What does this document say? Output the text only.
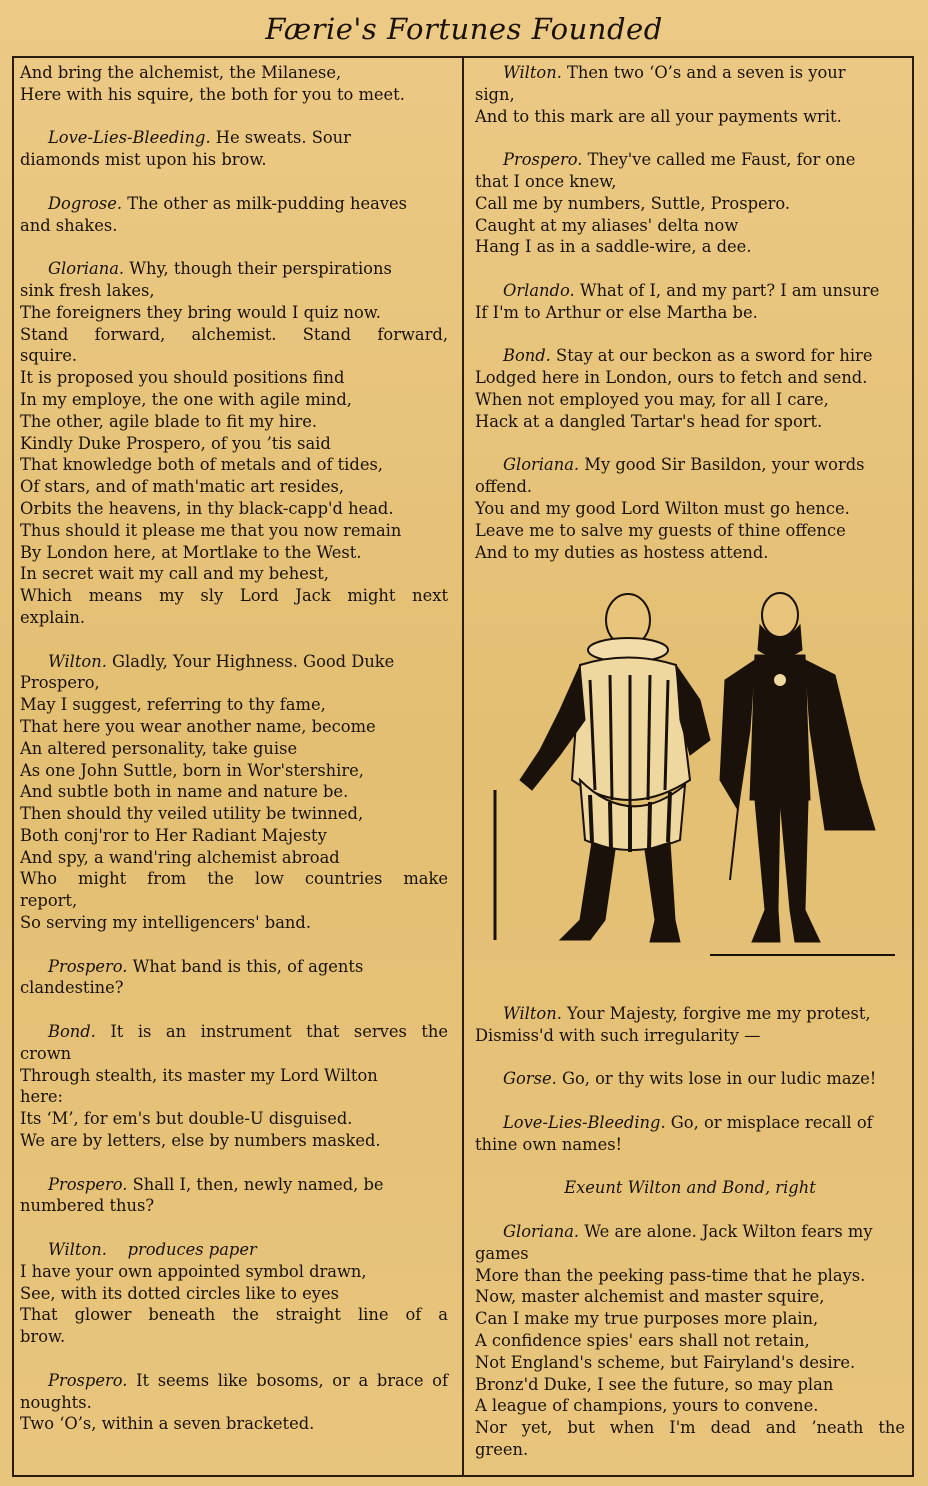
Færie's Fortunes Founded
And bring the alchemist, the Milanese,
Here with his squire, the both for you to meet.
Love-Lies-Bleeding. He sweats. Sour
diamonds mist upon his brow.
Dogrose. The other as milk-pudding heaves
and shakes.
Gloriana. Why, though their perspirations
sink fresh lakes,
The foreigners they bring would I quiz now.
Stand forward, alchemist. Stand forward,
squire.
It is proposed you should positions find
In my employe, the one with agile mind,
The other, agile blade to fit my hire.
Kindly Duke Prospero, of you ’tis said
That knowledge both of metals and of tides,
Of stars, and of math'matic art resides,
Orbits the heavens, in thy black-capp'd head.
Thus should it please me that you now remain
By London here, at Mortlake to the West.
In secret wait my call and my behest,
Which means my sly Lord Jack might next
explain.
Wilton. Gladly, Your Highness. Good Duke
Prospero,
May I suggest, referring to thy fame,
That here you wear another name, become
An altered personality, take guise
As one John Suttle, born in Wor'stershire,
And subtle both in name and nature be.
Then should thy veiled utility be twinned,
Both conj'ror to Her Radiant Majesty
And spy, a wand'ring alchemist abroad
Who might from the low countries make
report,
So serving my intelligencers' band.
Prospero. What band is this, of agents
clandestine?
Bond. It is an instrument that serves the
crown
Through stealth, its master my Lord Wilton
here:
Its ‘M’, for em's but double-U disguised.
We are by letters, else by numbers masked.
Prospero. Shall I, then, newly named, be
numbered thus?
Wilton.    produces paper
I have your own appointed symbol drawn,
See, with its dotted circles like to eyes
That glower beneath the straight line of a
brow.
Prospero. It seems like bosoms, or a brace of
noughts.
Two ‘O’s, within a seven bracketed.
Wilton. Then two ‘O’s and a seven is your
sign,
And to this mark are all your payments writ.
Prospero. They've called me Faust, for one
that I once knew,
Call me by numbers, Suttle, Prospero.
Caught at my aliases' delta now
Hang I as in a saddle-wire, a dee.
Orlando. What of I, and my part? I am unsure
If I'm to Arthur or else Martha be.
Bond. Stay at our beckon as a sword for hire
Lodged here in London, ours to fetch and send.
When not employed you may, for all I care,
Hack at a dangled Tartar's head for sport.
Gloriana. My good Sir Basildon, your words
offend.
You and my good Lord Wilton must go hence.
Leave me to salve my guests of thine offence
And to my duties as hostess attend.
Wilton. Your Majesty, forgive me my protest,
Dismiss'd with such irregularity —
Gorse. Go, or thy wits lose in our ludic maze!
Love-Lies-Bleeding. Go, or misplace recall of
thine own names!
Exeunt Wilton and Bond, right
Gloriana. We are alone. Jack Wilton fears my
games
More than the peeking pass-time that he plays.
Now, master alchemist and master squire,
Can I make my true purposes more plain,
A confidence spies' ears shall not retain,
Not England's scheme, but Fairyland's desire.
Bronz'd Duke, I see the future, so may plan
A league of champions, yours to convene.
Nor yet, but when I'm dead and ’neath the
green.
